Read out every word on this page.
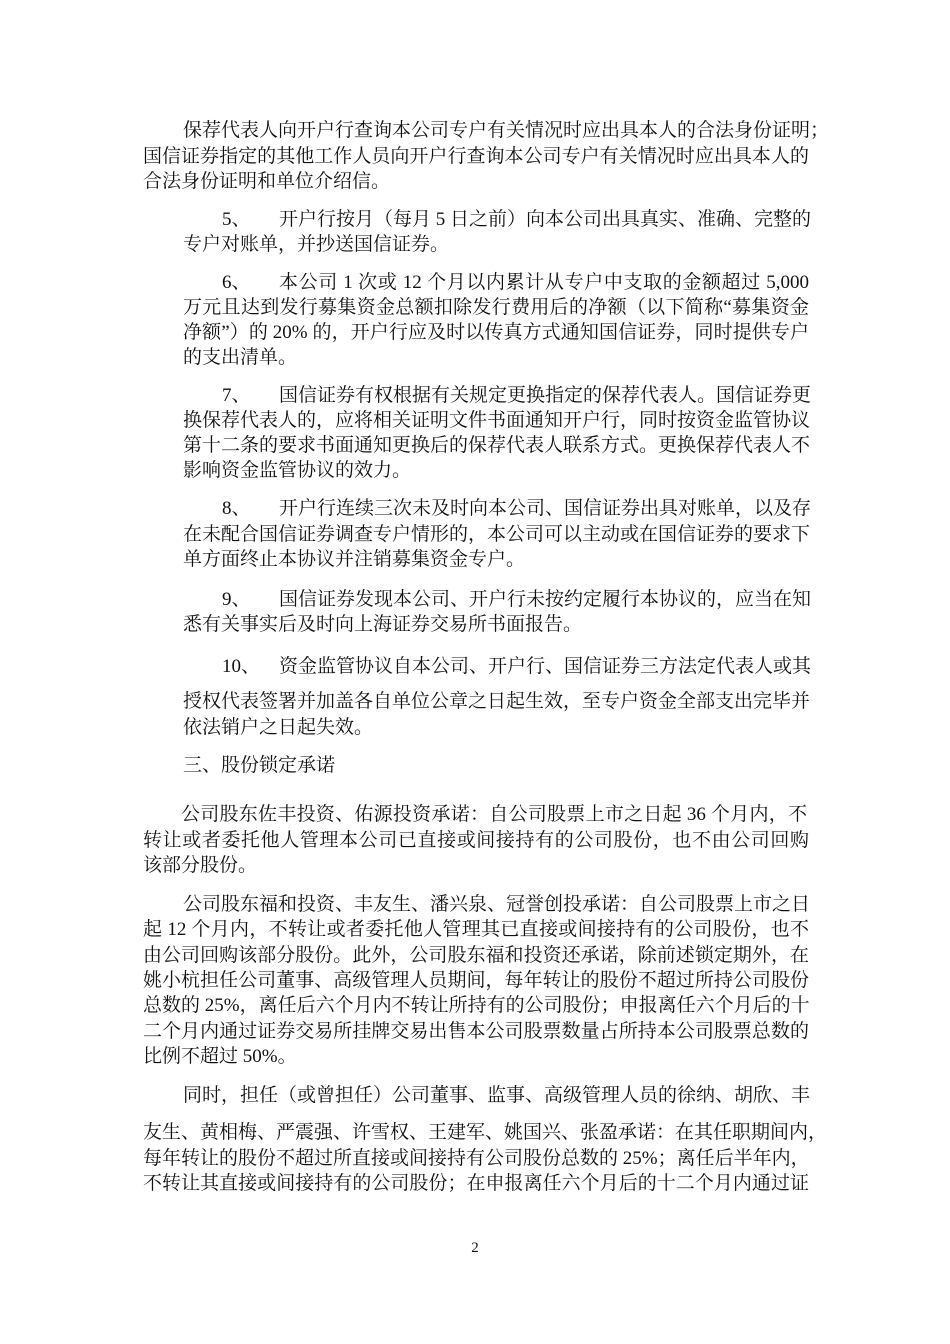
保荐代表人向开户行查询本公司专户有关情况时应出具本人的合法身份证明；
国信证券指定的其他工作人员向开户行查询本公司专户有关情况时应出具本人的
合法身份证明和单位介绍信。
5、 开户行按月（每月 5 日之前）向本公司出具真实、准确、完整的
专户对账单，并抄送国信证券。
6、 本公司 1 次或 12 个月以内累计从专户中支取的金额超过 5,000
万元且达到发行募集资金总额扣除发行费用后的净额（以下简称“募集资金
净额”）的 20% 的，开户行应及时以传真方式通知国信证券，同时提供专户
的支出清单。
7、 国信证券有权根据有关规定更换指定的保荐代表人。国信证券更
换保荐代表人的，应将相关证明文件书面通知开户行，同时按资金监管协议
第十二条的要求书面通知更换后的保荐代表人联系方式。更换保荐代表人不
影响资金监管协议的效力。
8、 开户行连续三次未及时向本公司、国信证券出具对账单，以及存
在未配合国信证券调查专户情形的，本公司可以主动或在国信证券的要求下
单方面终止本协议并注销募集资金专户。
9、 国信证券发现本公司、开户行未按约定履行本协议的，应当在知
悉有关事实后及时向上海证券交易所书面报告。
10、 资金监管协议自本公司、开户行、国信证券三方法定代表人或其
授权代表签署并加盖各自单位公章之日起生效，至专户资金全部支出完毕并
依法销户之日起失效。
三、股份锁定承诺
公司股东佐丰投资、佑源投资承诺：自公司股票上市之日起 36 个月内，不
转让或者委托他人管理本公司已直接或间接持有的公司股份，也不由公司回购
该部分股份。
公司股东福和投资、丰友生、潘兴泉、冠誉创投承诺：自公司股票上市之日
起 12 个月内，不转让或者委托他人管理其已直接或间接持有的公司股份，也不
由公司回购该部分股份。此外，公司股东福和投资还承诺，除前述锁定期外，在
姚小杭担任公司董事、高级管理人员期间，每年转让的股份不超过所持公司股份
总数的 25%，离任后六个月内不转让所持有的公司股份；申报离任六个月后的十
二个月内通过证券交易所挂牌交易出售本公司股票数量占所持本公司股票总数的
比例不超过 50%。
同时，担任（或曾担任）公司董事、监事、高级管理人员的徐纳、胡欣、丰
友生、黄相梅、严震强、许雪权、王建军、姚国兴、张盈承诺：在其任职期间内，
每年转让的股份不超过所直接或间接持有公司股份总数的 25%；离任后半年内，
不转让其直接或间接持有的公司股份；在申报离任六个月后的十二个月内通过证
2
